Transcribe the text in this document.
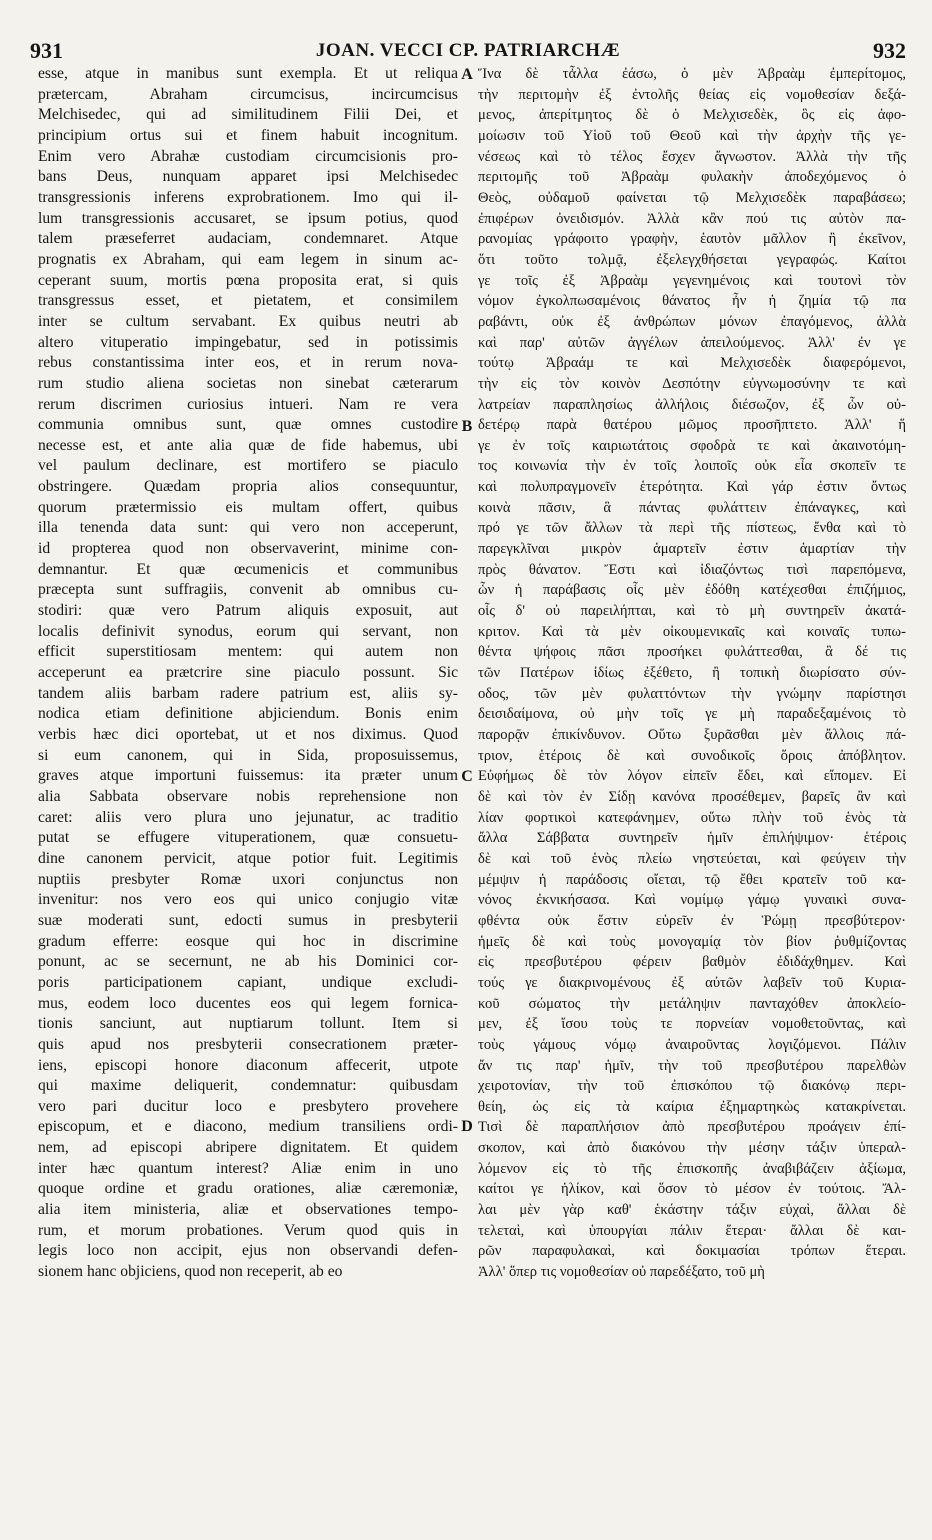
931	JOAN. VECCI CP. PATRIARCHÆ	932
esse, atque in manibus sunt exempla. Et ut reliqua
prætercam, Abraham circumcisus, incircumcisus
Melchisedec, qui ad similitudinem Filii Dei, et
principium ortus sui et finem habuit incognitum.
Enim vero Abrahæ custodiam circumcisionis pro-
bans Deus, nunquam apparet ipsi Melchisedec
transgressionis inferens exprobrationem. Imo qui il-
lum transgressionis accusaret, se ipsum potius, quod
talem præseferret audaciam, condemnaret. Atque
prognatis ex Abraham, qui eam legem in sinum ac-
ceperant suum, mortis pœna proposita erat, si quis
transgressus esset, et pietatem, et consimilem
inter se cultum servabant. Ex quibus neutri ab
altero vituperatio impingebatur, sed in potissimis
rebus constantissima inter eos, et in rerum nova-
rum studio aliena societas non sinebat cæterarum
rerum discrimen curiosius intueri. Nam re vera
communia omnibus sunt, quæ omnes custodire
necesse est, et ante alia quæ de fide habemus, ubi
vel paulum declinare, est mortifero se piaculo
obstringere. Quædam propria alios consequuntur,
quorum prætermissio eis multam offert, quibus
illa tenenda data sunt: qui vero non acceperunt,
id propterea quod non observaverint, minime con-
demnantur. Et quæ œcumenicis et communibus
præcepta sunt suffragiis, convenit ab omnibus cu-
stodiri: quæ vero Patrum aliquis exposuit, aut
localis definivit synodus, eorum qui servant, non
efficit superstitiosam mentem: qui autem non
acceperunt ea prætcrire sine piaculo possunt. Sic
tandem aliis barbam radere patrium est, aliis sy-
nodica etiam definitione abjiciendum. Bonis enim
verbis hæc dici oportebat, ut et nos diximus. Quod
si eum canonem, qui in Sida, proposuissemus,
graves atque importuni fuissemus: ita præter unum
alia Sabbata observare nobis reprehensione non
caret: aliis vero plura uno jejunatur, ac traditio
putat se effugere vituperationem, quæ consuetu-
dine canonem pervicit, atque potior fuit. Legitimis
nuptiis presbyter Romæ uxori conjunctus non
invenitur: nos vero eos qui unico conjugio vitæ
suæ moderati sunt, edocti sumus in presbyterii
gradum efferre: eosque qui hoc in discrimine
ponunt, ac se secernunt, ne ab his Dominici cor-
poris participationem capiant, undique excludi-
mus, eodem loco ducentes eos qui legem fornica-
tionis sanciunt, aut nuptiarum tollunt. Item si
quis apud nos presbyterii consecrationem præter-
iens, episcopi honore diaconum affecerit, utpote
qui maxime deliquerit, condemnatur: quibusdam
vero pari ducitur loco e presbytero provehere
episcopum, et e diacono, medium transiliens ordi-
nem, ad episcopi abripere dignitatem. Et quidem
inter hæc quantum interest? Aliæ enim in uno
quoque ordine et gradu orationes, aliæ cæremoniæ,
alia item ministeria, aliæ et observationes tempo-
rum, et morum probationes. Verum quod quis in
legis loco non accipit, ejus non observandi defen-
sionem hanc objiciens, quod non receperit, ab eo
Ἵνα δὲ τἆλλα ἐάσω, ὁ μὲν Ἀβραὰμ ἐμπερίτομος,
τὴν περιτομὴν ἐξ ἐντολῆς θείας εἰς νομοθεσίαν δεξά-
μενος, ἀπερίτμητος δὲ ὁ Μελχισεδὲκ, ὃς εἰς ἀφο-
μοίωσιν τοῦ Υἱοῦ τοῦ Θεοῦ καὶ τὴν ἀρχὴν τῆς γε-
νέσεως καὶ τὸ τέλος ἔσχεν ἄγνωστον. Ἀλλὰ τὴν τῆς
περιτομῆς τοῦ Ἀβραὰμ φυλακὴν ἀποδεχόμενος ὁ
Θεὸς, οὐδαμοῦ φαίνεται τῷ Μελχισεδὲκ παραβάσεω;
ἐπιφέρων ὀνειδισμόν. Ἀλλὰ κἂν πού τις αὐτὸν πα-
ρανομίας γράφοιτο γραφὴν, ἑαυτὸν μᾶλλον ἢ ἐκεῖνον,
ὅτι τοῦτο τολμᾷ, ἐξελεγχθήσεται γεγραφώς. Καίτοι
γε τοῖς ἐξ Ἀβραὰμ γεγενημένοις καὶ τουτονὶ τὸν
νόμον ἐγκολπωσαμένοις θάνατος ἦν ἡ ζημία τῷ πα
ραβάντι, οὐκ ἐξ ἀνθρώπων μόνων ἐπαγόμενος, ἀλλὰ
καὶ παρ' αὐτῶν ἀγγέλων ἀπειλούμενος. Ἀλλ' ἐν γε
τούτῳ Ἀβραάμ τε καὶ Μελχισεδὲκ διαφερόμενοι,
τὴν εἰς τὸν κοινὸν Δεσπότην εὐγνωμοσύνην τε καὶ
λατρείαν παραπλησίως ἀλλήλοις διέσωζον, ἐξ ὧν οὐ-
δετέρῳ παρὰ θατέρου μῶμος προσῆπτετο. Ἀλλ' ἥ
γε ἐν τοῖς καιριωτάτοις σφοδρὰ τε καὶ ἀκαινοτόμη-
τος κοινωνία τὴν ἐν τοῖς λοιποῖς οὐκ εἶα σκοπεῖν τε
καὶ πολυπραγμονεῖν ἑτερότητα. Καὶ γάρ ἐστιν ὄντως
κοινὰ πᾶσιν, ἃ πάντας φυλάττειν ἐπάναγκες, καὶ
πρό γε τῶν ἄλλων τὰ περὶ τῆς πίστεως, ἔνθα καὶ τὸ
παρεγκλῖναι μικρὸν ἁμαρτεῖν ἐστιν ἁμαρτίαν τὴν
πρὸς θάνατον. Ἔστι καὶ ἰδιαζόντως τισὶ παρεπόμενα,
ὧν ἡ παράβασις οἷς μὲν ἐδόθη κατέχεσθαι ἐπιζήμιος,
οἷς δ' οὐ παρειλήπται, καὶ τὸ μὴ συντηρεῖν ἀκατά-
κριτον. Καὶ τὰ μὲν οἰκουμενικαῖς καὶ κοιναῖς τυπω-
θέντα ψήφοις πᾶσι προσήκει φυλάττεσθαι, ἃ δέ τις
τῶν Πατέρων ἰδίως ἐξέθετο, ἢ τοπικὴ διωρίσατο σύν-
οδος, τῶν μὲν φυλαττόντων τὴν γνώμην παρίστησι
δεισιδαίμονα, οὐ μὴν τοῖς γε μὴ παραδεξαμένοις τὸ
παρορᾷν ἐπικίνδυνον. Οὕτω ξυρᾶσθαι μὲν ἄλλοις πά-
τριον, ἑτέροις δὲ καὶ συνοδικοῖς ὅροις ἀπόβλητον.
Εὐφήμως δὲ τὸν λόγον εἰπεῖν ἔδει, καὶ εἴπομεν. Εἰ
δὲ καὶ τὸν ἐν Σίδῃ κανόνα προσέθεμεν, βαρεῖς ἂν καὶ
λίαν φορτικοὶ κατεφάνημεν, οὕτω πλὴν τοῦ ἑνὸς τὰ
ἄλλα Σάββατα συντηρεῖν ἡμῖν ἐπιλήψιμον· ἑτέροις
δὲ καὶ τοῦ ἑνὸς πλείω νηστεύεται, καὶ φεύγειν τὴν
μέμψιν ἡ παράδοσις οἴεται, τῷ ἔθει κρατεῖν τοῦ κα-
νόνος ἐκνικήσασα. Καὶ νομίμῳ γάμῳ γυναικὶ συνα-
φθέντα οὐκ ἔστιν εὑρεῖν ἐν Ῥώμῃ πρεσβύτερον·
ἡμεῖς δὲ καὶ τοὺς μονογαμίᾳ τὸν βίον ῥυθμίζοντας
εἰς πρεσβυτέρου φέρειν βαθμὸν ἐδιδάχθημεν. Καὶ
τούς γε διακρινομένους ἐξ αὐτῶν λαβεῖν τοῦ Κυρια-
κοῦ σώματος τὴν μετάληψιν πανταχόθεν ἀποκλείο-
μεν, ἐξ ἴσου τοὺς τε πορνείαν νομοθετοῦντας, καὶ
τοὺς γάμους νόμῳ ἀναιροῦντας λογιζόμενοι. Πάλιν
ἄν τις παρ' ἡμῖν, τὴν τοῦ πρεσβυτέρου παρελθὼν
χειροτονίαν, τὴν τοῦ ἐπισκόπου τῷ διακόνῳ περι-
θείη, ὡς εἰς τὰ καίρια ἐξημαρτηκὼς κατακρίνεται.
Τισὶ δὲ παραπλήσιον ἀπὸ πρεσβυτέρου προάγειν ἐπί-
σκοπον, καὶ ἀπὸ διακόνου τὴν μέσην τάξιν ὑπεραλ-
λόμενον εἰς τὸ τῆς ἐπισκοπῆς ἀναβιβάζειν ἀξίωμα,
καίτοι γε ἡλίκον, καὶ ὅσον τὸ μέσον ἐν τούτοις. Ἄλ-
λαι μὲν γὰρ καθ' ἑκάστην τάξιν εὐχαὶ, ἄλλαι δὲ
τελεταὶ, καὶ ὑπουργίαι πάλιν ἕτεραι· ἄλλαι δὲ και-
ρῶν παραφυλακαὶ, καὶ δοκιμασίαι τρόπων ἕτεραι.
Ἀλλ' ὅπερ τις νομοθεσίαν οὐ παρεδέξατο, τοῦ μὴ
A
B
C
D
